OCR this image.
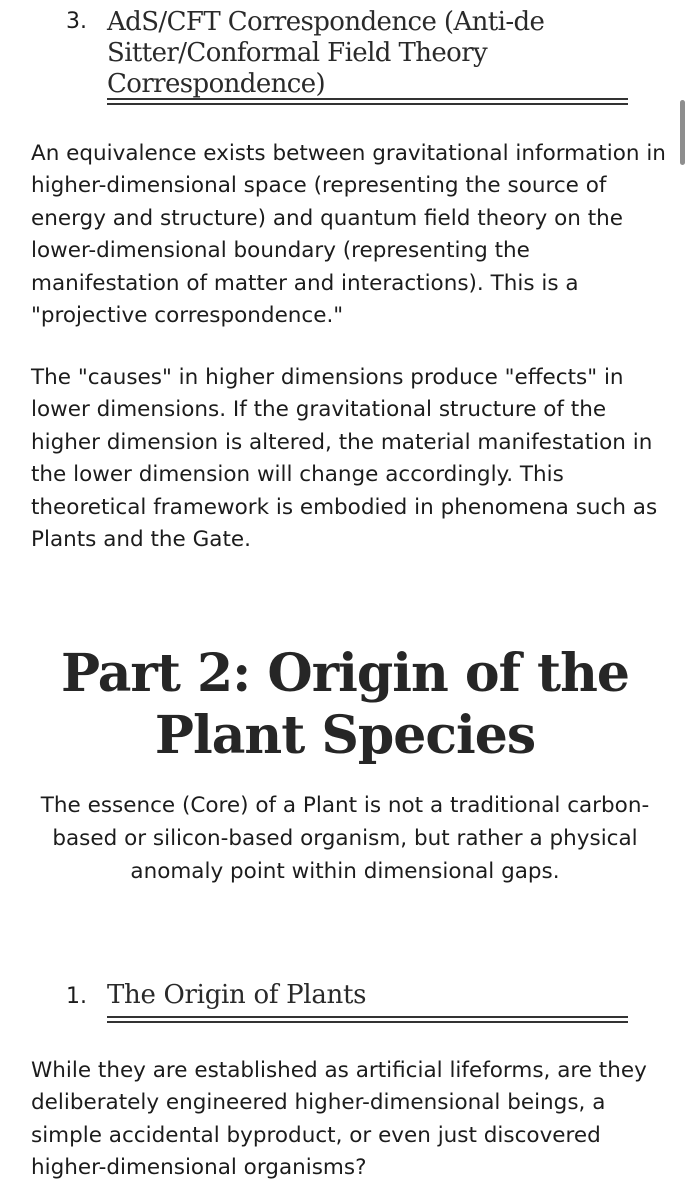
3. AdS/CFT Correspondence (Anti-de Sitter/Conformal Field Theory Correspondence)

An equivalence exists between gravitational information in higher-dimensional space (representing the source of energy and structure) and quantum field theory on the lower-dimensional boundary (representing the manifestation of matter and interactions). This is a "projective correspondence."

The "causes" in higher dimensions produce "effects" in lower dimensions. If the gravitational structure of the higher dimension is altered, the material manifestation in the lower dimension will change accordingly. This theoretical framework is embodied in phenomena such as Plants and the Gate.

Part 2: Origin of the Plant Species

The essence (Core) of a Plant is not a traditional carbon-based or silicon-based organism, but rather a physical anomaly point within dimensional gaps.

1. The Origin of Plants

While they are established as artificial lifeforms, are they deliberately engineered higher-dimensional beings, a simple accidental byproduct, or even just discovered higher-dimensional organisms?
